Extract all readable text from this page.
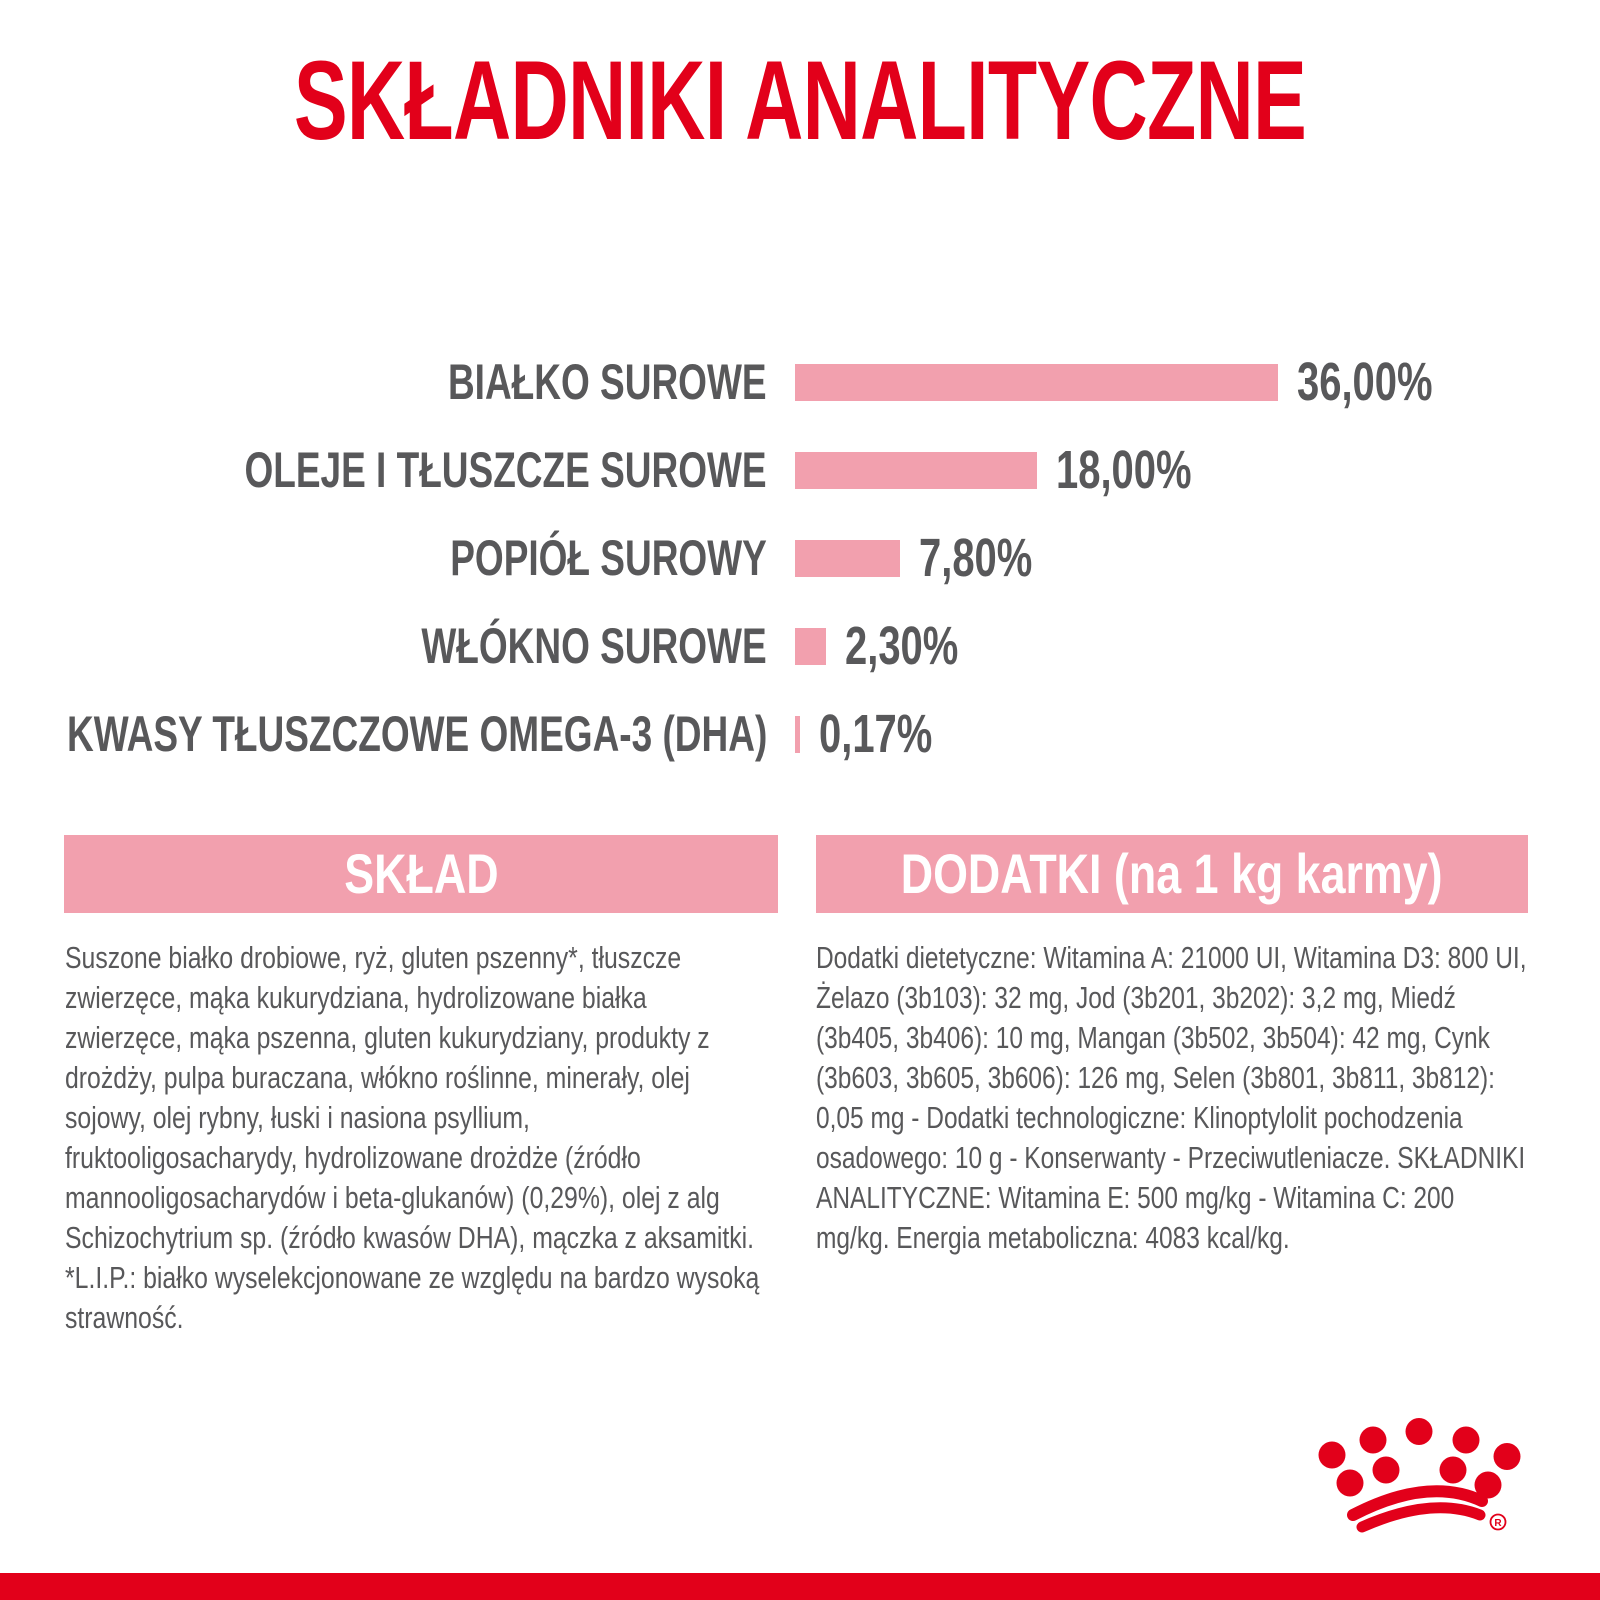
SKŁADNIKI ANALITYCZNE
BIAŁKO SUROWE	36,00%
OLEJE I TŁUSZCZE SUROWE	18,00%
POPIÓŁ SUROWY	7,80%
WŁÓKNO SUROWE 2,30%
KWASY TŁUSZCZOWE OMEGA-3 (DHA) 0,17%
SKŁAD	DODATKI (na 1 kg karmy)

Suszone białko drobiowe, ryż, gluten pszenny*, tłuszcze zwierzęce, mąka kukurydziana, hydrolizowane białka zwierzęce, mąka pszenna, gluten kukurydziany, produkty z drożdży, pulpa buraczana, włókno roślinne, minerały, olej sojowy, olej rybny, łuski i nasiona psyllium, fruktooligosacharydy, hydrolizowane drożdże (źródło mannooligosacharydów i beta-glukanów) (0,29%), olej z alg Schizochytrium sp. (źródło kwasów DHA), mączka z aksamitki.

*L.I.P.: białko wyselekcjonowane ze względu na bardzo wysoką strawność.

Dodatki dietetyczne: Witamina A: 21000 UI, Witamina D3: 800 UI, Żelazo (3b103): 32 mg, Jod (3b201, 3b202): 3,2 mg, Miedź (3b405, 3b406): 10 mg, Mangan (3b502, 3b504): 42 mg, Cynk (3b603, 3b605, 3b606): 126 mg, Selen (3b801, 3b811, 3b812): 0,05 mg - Dodatki technologiczne: Klinoptylolit pochodzenia osadowego: 10 g - Konserwanty - Przeciwutleniacze. SKŁADNIKI ANALITYCZNE: Witamina E: 500 mg/kg - Witamina C: 200 mg/kg. Energia metaboliczna: 4083 kcal/kg.

R
